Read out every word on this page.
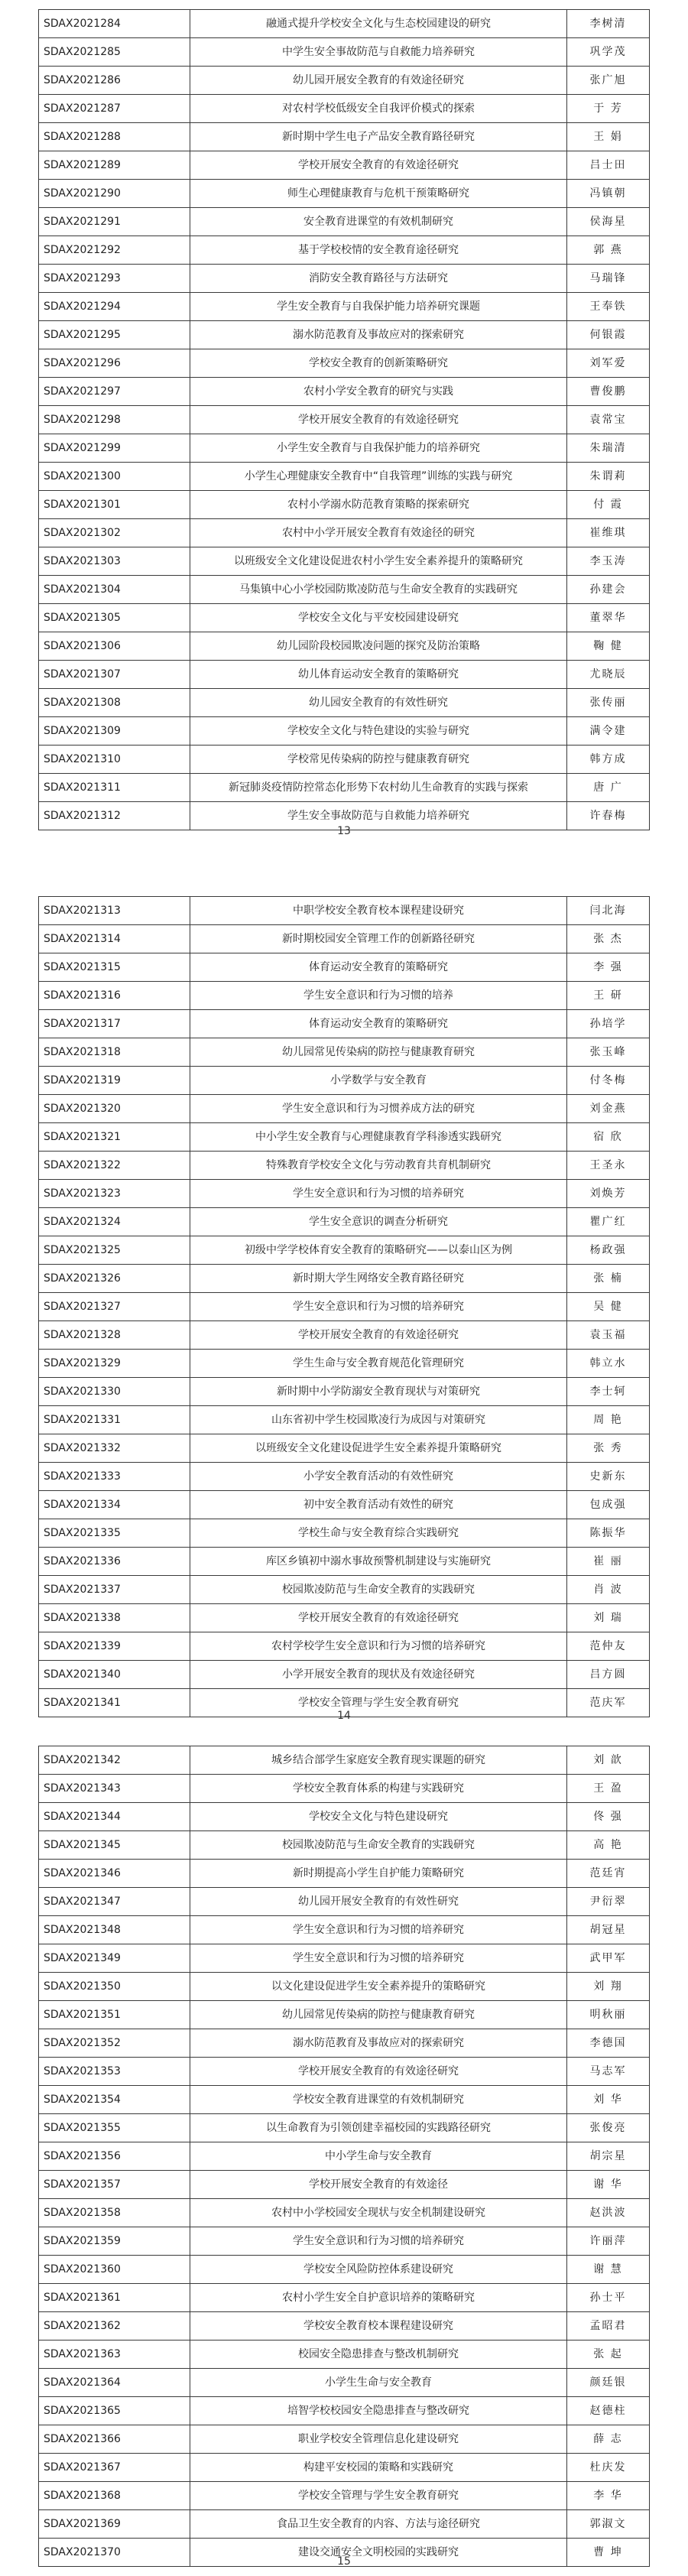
SDAX2021284	融通式提升学校安全文化与生态校园建设的研究	李树清
SDAX2021285	中学生安全事故防范与自救能力培养研究	巩学茂
SDAX2021286	幼儿园开展安全教育的有效途径研究	张广旭
SDAX2021287	对农村学校低级安全自我评价模式的探索	于 芳
SDAX2021288	新时期中学生电子产品安全教育路径研究	王 娟
SDAX2021289	学校开展安全教育的有效途径研究	吕士田
SDAX2021290	师生心理健康教育与危机干预策略研究	冯镇朝
SDAX2021291	安全教育进课堂的有效机制研究	侯海星
SDAX2021292	基于学校校情的安全教育途径研究	郭 燕
SDAX2021293	消防安全教育路径与方法研究	马瑞锋
SDAX2021294	学生安全教育与自我保护能力培养研究课题	王奉铁
SDAX2021295	溺水防范教育及事故应对的探索研究	何银霞
SDAX2021296	学校安全教育的创新策略研究	刘军爱
SDAX2021297	农村小学安全教育的研究与实践	曹俊鹏
SDAX2021298	学校开展安全教育的有效途径研究	袁常宝
SDAX2021299	小学生安全教育与自我保护能力的培养研究	朱瑞清
SDAX2021300	小学生心理健康安全教育中“自我管理”训练的实践与研究	朱谓莉
SDAX2021301	农村小学溺水防范教育策略的探索研究	付 霞
SDAX2021302	农村中小学开展安全教育有效途径的研究	崔维琪
SDAX2021303	以班级安全文化建设促进农村小学生安全素养提升的策略研究	李玉涛
SDAX2021304	马集镇中心小学校园防欺凌防范与生命安全教育的实践研究	孙建会
SDAX2021305	学校安全文化与平安校园建设研究	董翠华
SDAX2021306	幼儿园阶段校园欺凌问题的探究及防治策略	鞠 健
SDAX2021307	幼儿体育运动安全教育的策略研究	尤晓辰
SDAX2021308	幼儿园安全教育的有效性研究	张传丽
SDAX2021309	学校安全文化与特色建设的实验与研究	满令建
SDAX2021310	学校常见传染病的防控与健康教育研究	韩方成
SDAX2021311	新冠肺炎疫情防控常态化形势下农村幼儿生命教育的实践与探索	唐 广
SDAX2021312	学生安全事故防范与自救能力培养研究	许春梅
13
SDAX2021313	中职学校安全教育校本课程建设研究	闫北海
SDAX2021314	新时期校园安全管理工作的创新路径研究	张 杰
SDAX2021315	体育运动安全教育的策略研究	李 强
SDAX2021316	学生安全意识和行为习惯的培养	王 研
SDAX2021317	体育运动安全教育的策略研究	孙培学
SDAX2021318	幼儿园常见传染病的防控与健康教育研究	张玉峰
SDAX2021319	小学数学与安全教育	付冬梅
SDAX2021320	学生安全意识和行为习惯养成方法的研究	刘金燕
SDAX2021321	中小学生安全教育与心理健康教育学科渗透实践研究	宿 欣
SDAX2021322	特殊教育学校安全文化与劳动教育共育机制研究	王圣永
SDAX2021323	学生安全意识和行为习惯的培养研究	刘焕芳
SDAX2021324	学生安全意识的调查分析研究	瞿广红
SDAX2021325	初级中学学校体育安全教育的策略研究——以泰山区为例	杨政强
SDAX2021326	新时期大学生网络安全教育路径研究	张 楠
SDAX2021327	学生安全意识和行为习惯的培养研究	吴 健
SDAX2021328	学校开展安全教育的有效途径研究	袁玉福
SDAX2021329	学生生命与安全教育规范化管理研究	韩立水
SDAX2021330	新时期中小学防溺安全教育现状与对策研究	李士轲
SDAX2021331	山东省初中学生校园欺凌行为成因与对策研究	周 艳
SDAX2021332	以班级安全文化建设促进学生安全素养提升策略研究	张 秀
SDAX2021333	小学安全教育活动的有效性研究	史新东
SDAX2021334	初中安全教育活动有效性的研究	包成强
SDAX2021335	学校生命与安全教育综合实践研究	陈振华
SDAX2021336	库区乡镇初中溺水事故预警机制建设与实施研究	崔 丽
SDAX2021337	校园欺凌防范与生命安全教育的实践研究	肖 波
SDAX2021338	学校开展安全教育的有效途径研究	刘 瑞
SDAX2021339	农村学校学生安全意识和行为习惯的培养研究	范仲友
SDAX2021340	小学开展安全教育的现状及有效途径研究	吕方圆
SDAX2021341	学校安全管理与学生安全教育研究	范庆军
14
SDAX2021342	城乡结合部学生家庭安全教育现实课题的研究	刘 歆
SDAX2021343	学校安全教育体系的构建与实践研究	王 盈
SDAX2021344	学校安全文化与特色建设研究	佟 强
SDAX2021345	校园欺凌防范与生命安全教育的实践研究	高 艳
SDAX2021346	新时期提高小学生自护能力策略研究	范廷宵
SDAX2021347	幼儿园开展安全教育的有效性研究	尹衍翠
SDAX2021348	学生安全意识和行为习惯的培养研究	胡冠星
SDAX2021349	学生安全意识和行为习惯的培养研究	武甲军
SDAX2021350	以文化建设促进学生安全素养提升的策略研究	刘 翔
SDAX2021351	幼儿园常见传染病的防控与健康教育研究	明秋丽
SDAX2021352	溺水防范教育及事故应对的探索研究	李德国
SDAX2021353	学校开展安全教育的有效途径研究	马志军
SDAX2021354	学校安全教育进课堂的有效机制研究	刘 华
SDAX2021355	以生命教育为引领创建幸福校园的实践路径研究	张俊亮
SDAX2021356	中小学生命与安全教育	胡宗星
SDAX2021357	学校开展安全教育的有效途径	谢 华
SDAX2021358	农村中小学校园安全现状与安全机制建设研究	赵洪波
SDAX2021359	学生安全意识和行为习惯的培养研究	许丽萍
SDAX2021360	学校安全风险防控体系建设研究	谢 慧
SDAX2021361	农村小学生安全自护意识培养的策略研究	孙士平
SDAX2021362	学校安全教育校本课程建设研究	孟昭君
SDAX2021363	校园安全隐患排查与整改机制研究	张 起
SDAX2021364	小学生生命与安全教育	颜廷银
SDAX2021365	培智学校校园安全隐患排查与整改研究	赵德柱
SDAX2021366	职业学校安全管理信息化建设研究	薛 志
SDAX2021367	构建平安校园的策略和实践研究	杜庆发
SDAX2021368	学校安全管理与学生安全教育研究	李 华
SDAX2021369	食品卫生安全教育的内容、方法与途径研究	郭淑文
SDAX2021370	建设交通安全文明校园的实践研究	曹 坤
15
